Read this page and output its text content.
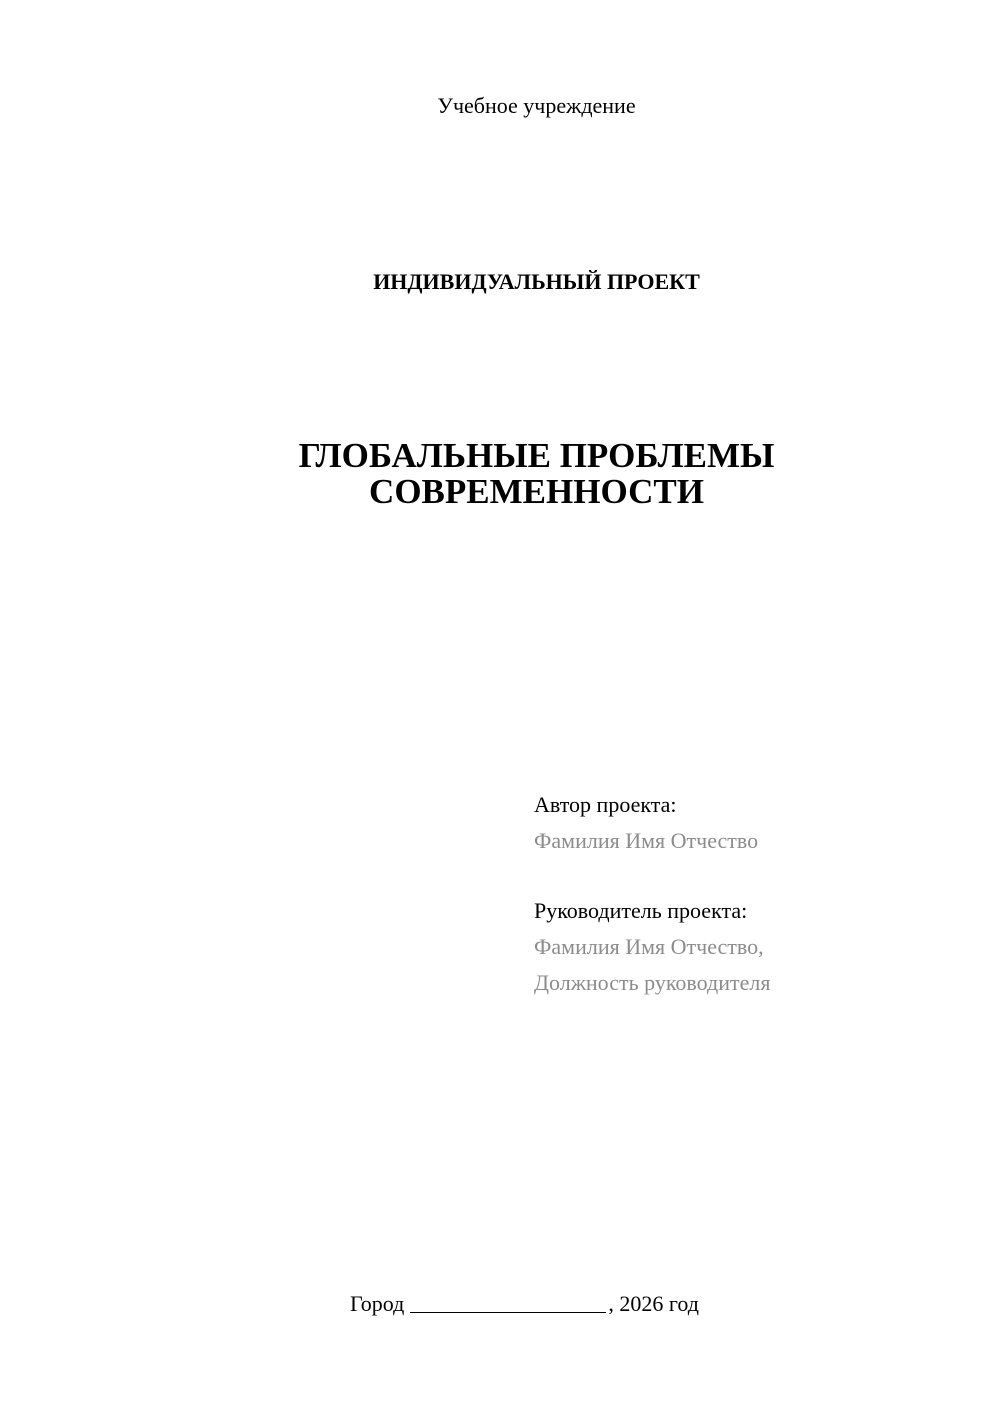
Учебное учреждение
ИНДИВИДУАЛЬНЫЙ ПРОЕКТ
ГЛОБАЛЬНЫЕ ПРОБЛЕМЫ
СОВРЕМЕННОСТИ
Автор проекта:
Фамилия Имя Отчество
Руководитель проекта:
Фамилия Имя Отчество,
Должность руководителя
Город	, 2026 год
